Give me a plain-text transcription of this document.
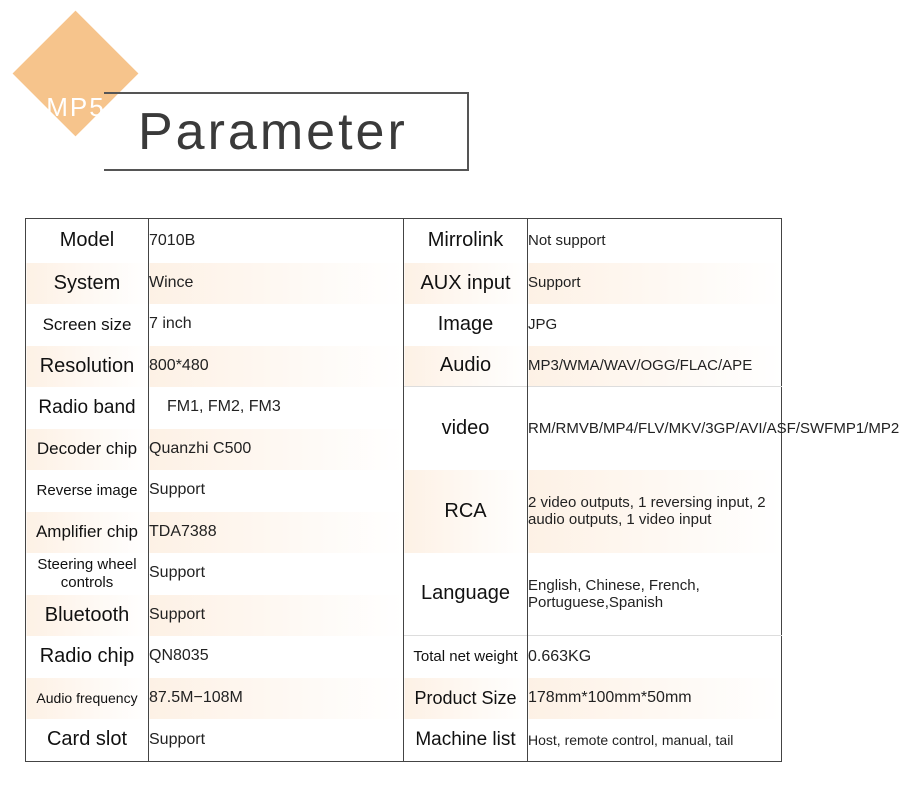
MP5 Parameter
Model	7010B	Mirrolink	Not support
System	Wince	AUX input	Support
Screen size	7 inch	Image	JPG
Resolution	800*480	Audio	MP3/WMA/WAV/OGG/FLAC/APE
Radio band	FM1, FM2, FM3	video	RM/RMVB/MP4/FLV/MKV/3GP/AVI/ASF/SWFMP1/MP2
Decoder chip	Quanzhi C500		
Reverse image	Support	RCA	2 video outputs, 1 reversing input, 2 audio outputs, 1 video input
Amplifier chip	TDA7388		
Steering wheel controls	Support	Language	English, Chinese, French, Portuguese,Spanish
Bluetooth	Support		
Radio chip	QN8035	Total net weight	0.663KG
Audio frequency	87.5M−108M	Product Size	178mm*100mm*50mm
Card slot	Support	Machine list	Host, remote control, manual, tail
